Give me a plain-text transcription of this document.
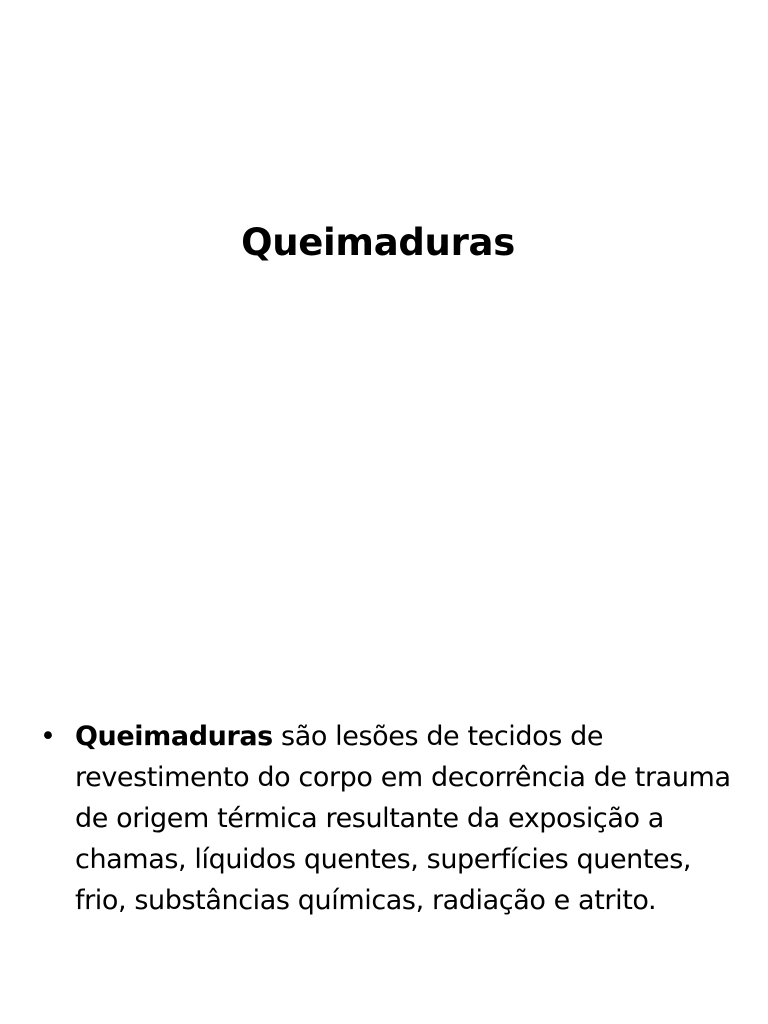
Queimaduras
• Queimaduras são lesões de tecidos de revestimento do corpo em decorrência de trauma de origem térmica resultante da exposição a chamas, líquidos quentes, superfícies quentes, frio, substâncias químicas, radiação e atrito.
